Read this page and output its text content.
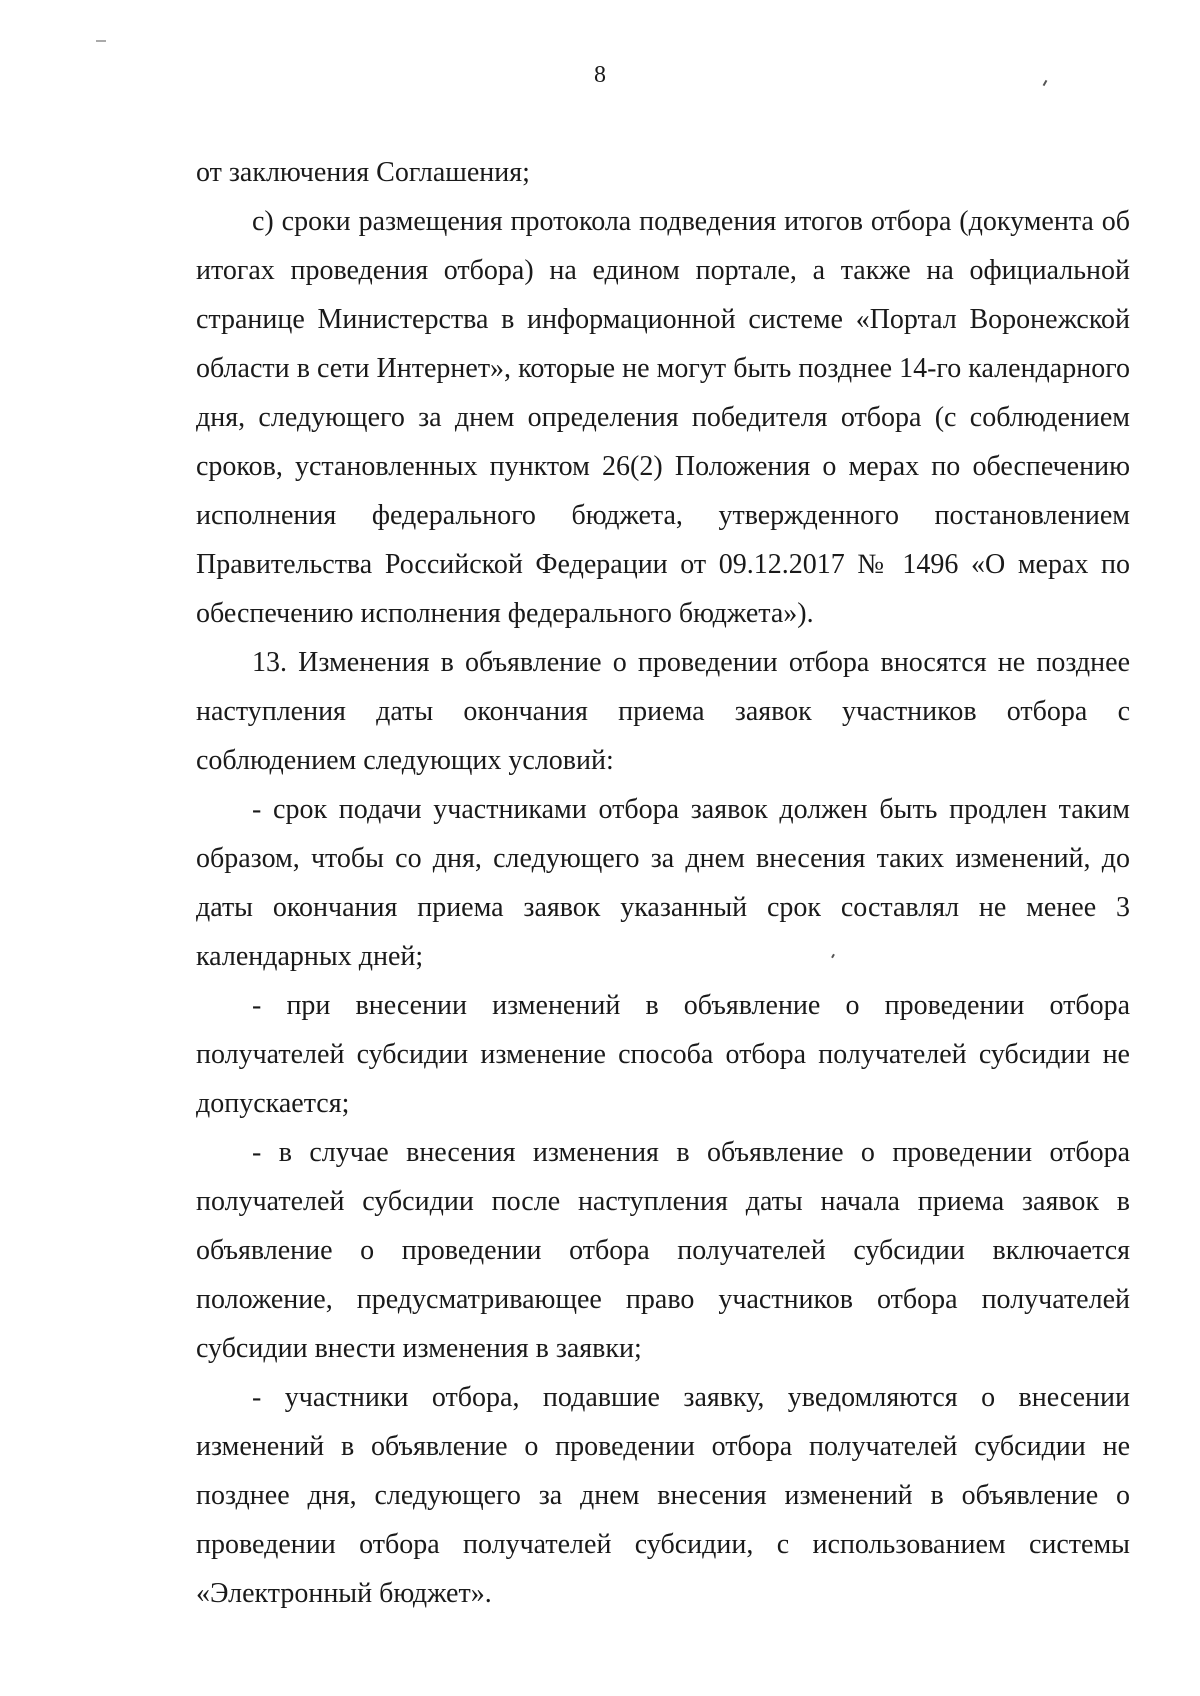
8

от заключения Соглашения;

с) сроки размещения протокола подведения итогов отбора (документа об итогах проведения отбора) на едином портале, а также на официальной странице Министерства в информационной системе «Портал Воронежской области в сети Интернет», которые не могут быть позднее 14-го календарного дня, следующего за днем определения победителя отбора (с соблюдением сроков, установленных пунктом 26(2) Положения о мерах по обеспечению исполнения федерального бюджета, утвержденного постановлением Правительства Российской Федерации от 09.12.2017 № 1496 «О мерах по обеспечению исполнения федерального бюджета»).

13. Изменения в объявление о проведении отбора вносятся не позднее наступления даты окончания приема заявок участников отбора с соблюдением следующих условий:

- срок подачи участниками отбора заявок должен быть продлен таким образом, чтобы со дня, следующего за днем внесения таких изменений, до даты окончания приема заявок указанный срок составлял не менее 3 календарных дней;

- при внесении изменений в объявление о проведении отбора получателей субсидии изменение способа отбора получателей субсидии не допускается;

- в случае внесения изменения в объявление о проведении отбора получателей субсидии после наступления даты начала приема заявок в объявление о проведении отбора получателей субсидии включается положение, предусматривающее право участников отбора получателей субсидии внести изменения в заявки;

- участники отбора, подавшие заявку, уведомляются о внесении изменений в объявление о проведении отбора получателей субсидии не позднее дня, следующего за днем внесения изменений в объявление о проведении отбора получателей субсидии, с использованием системы «Электронный бюджет».
